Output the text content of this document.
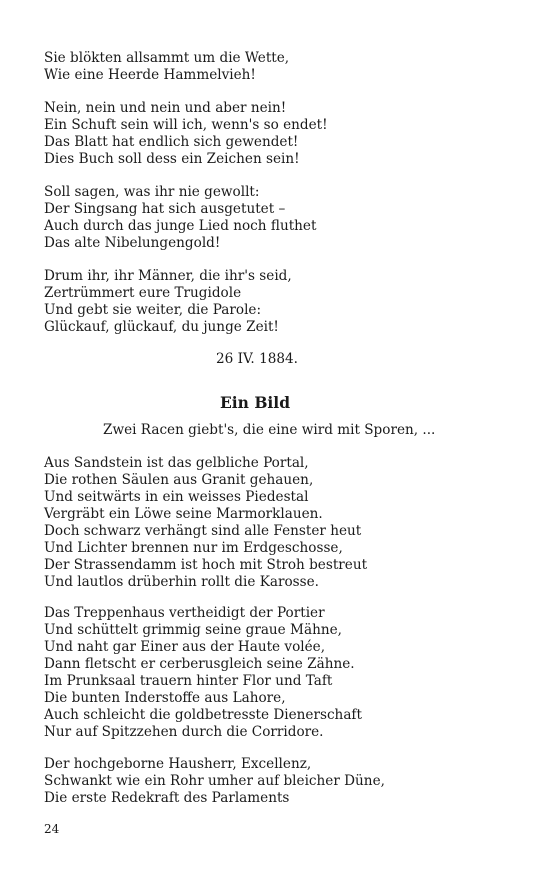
Sie blökten allsammt um die Wette,
Wie eine Heerde Hammelvieh!
Nein, nein und nein und aber nein!
Ein Schuft sein will ich, wenn's so endet!
Das Blatt hat endlich sich gewendet!
Dies Buch soll dess ein Zeichen sein!
Soll sagen, was ihr nie gewollt:
Der Singsang hat sich ausgetutet –
Auch durch das junge Lied noch fluthet
Das alte Nibelungengold!
Drum ihr, ihr Männer, die ihr's seid,
Zertrümmert eure Trugidole
Und gebt sie weiter, die Parole:
Glückauf, glückauf, du junge Zeit!
26 IV. 1884.
Ein Bild
Zwei Racen giebt's, die eine wird mit Sporen, ...
Aus Sandstein ist das gelbliche Portal,
Die rothen Säulen aus Granit gehauen,
Und seitwärts in ein weisses Piedestal
Vergräbt ein Löwe seine Marmorklauen.
Doch schwarz verhängt sind alle Fenster heut
Und Lichter brennen nur im Erdgeschosse,
Der Strassendamm ist hoch mit Stroh bestreut
Und lautlos drüberhin rollt die Karosse.
Das Treppenhaus vertheidigt der Portier
Und schüttelt grimmig seine graue Mähne,
Und naht gar Einer aus der Haute volée,
Dann fletscht er cerberusgleich seine Zähne.
Im Prunksaal trauern hinter Flor und Taft
Die bunten Inderstoffe aus Lahore,
Auch schleicht die goldbetresste Dienerschaft
Nur auf Spitzzehen durch die Corridore.
Der hochgeborne Hausherr, Excellenz,
Schwankt wie ein Rohr umher auf bleicher Düne,
Die erste Redekraft des Parlaments
24
